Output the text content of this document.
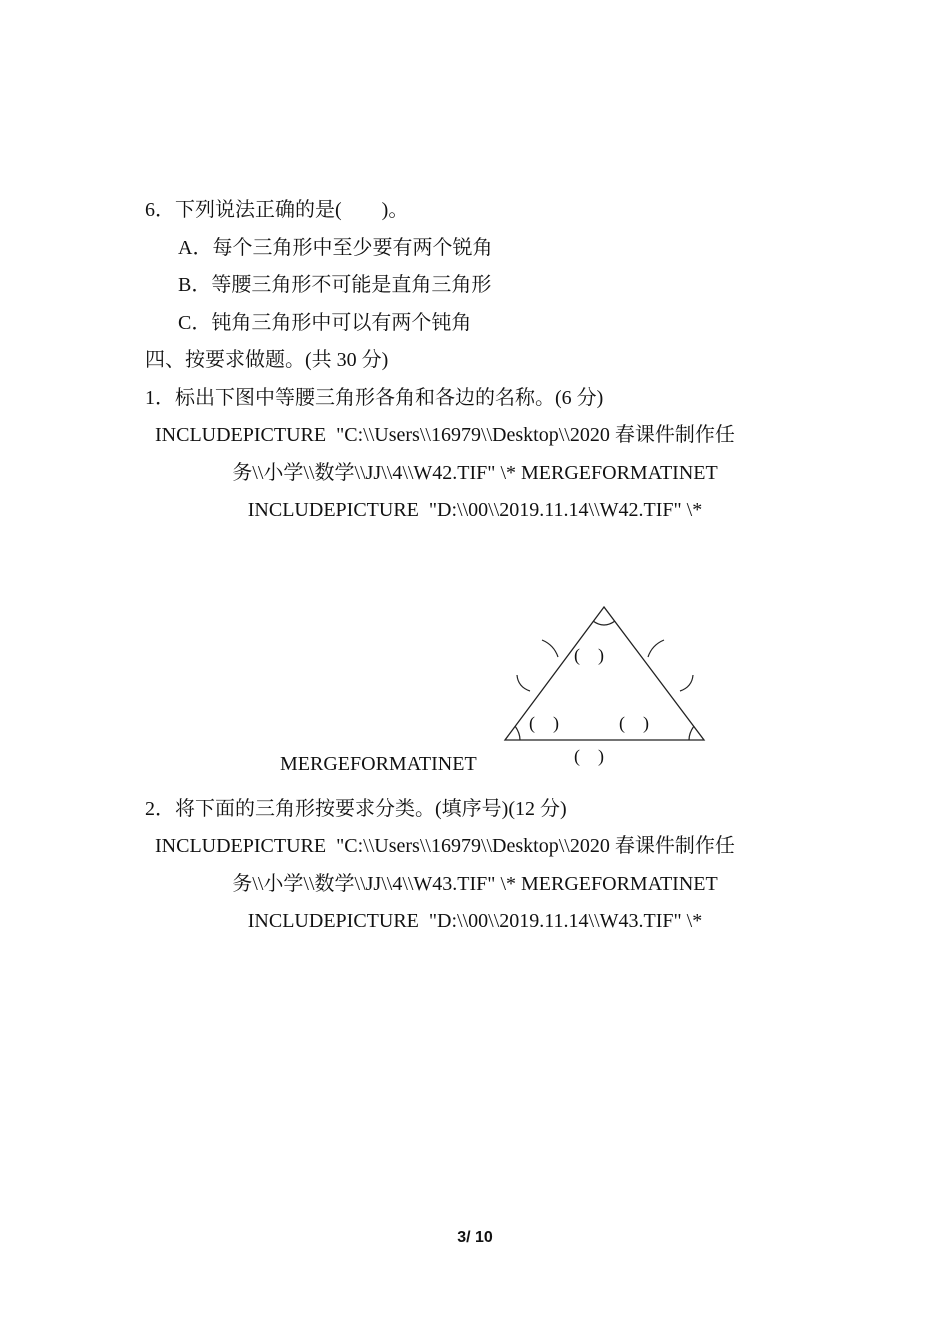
6．下列说法正确的是(　　)。
A．每个三角形中至少要有两个锐角
B．等腰三角形不可能是直角三角形
C．钝角三角形中可以有两个钝角
四、按要求做题。(共 30 分)
1．标出下图中等腰三角形各角和各边的名称。(6 分)
INCLUDEPICTURE  "C:\\Users\\16979\\Desktop\\2020 春课件制作任
务\\小学\\数学\\JJ\\4\\W42.TIF" \* MERGEFORMATINET
INCLUDEPICTURE  "D:\\00\\2019.11.14\\W42.TIF" \*
(　)
(　)	(　)
(　)
MERGEFORMATINET
2．将下面的三角形按要求分类。(填序号)(12 分)
INCLUDEPICTURE  "C:\\Users\\16979\\Desktop\\2020 春课件制作任
务\\小学\\数学\\JJ\\4\\W43.TIF" \* MERGEFORMATINET
INCLUDEPICTURE  "D:\\00\\2019.11.14\\W43.TIF" \*
3/ 10
